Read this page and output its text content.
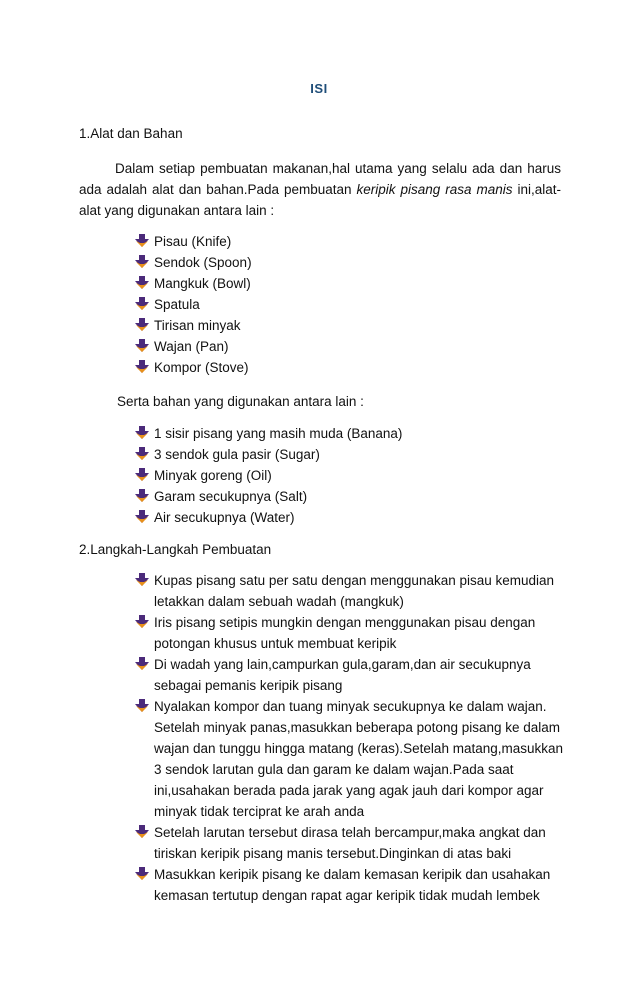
ISI
1.Alat dan Bahan
Dalam setiap pembuatan makanan,hal utama yang selalu ada dan harus ada adalah alat dan bahan.Pada pembuatan keripik pisang rasa manis ini,alat-alat yang digunakan antara lain :
Pisau (Knife)
Sendok (Spoon)
Mangkuk (Bowl)
Spatula
Tirisan minyak
Wajan (Pan)
Kompor (Stove)
Serta bahan yang digunakan antara lain :
1 sisir pisang yang masih muda (Banana)
3 sendok gula pasir (Sugar)
Minyak goreng (Oil)
Garam secukupnya (Salt)
Air secukupnya (Water)
2.Langkah-Langkah Pembuatan
Kupas pisang satu per satu dengan menggunakan pisau kemudian letakkan dalam sebuah wadah (mangkuk)
Iris pisang setipis mungkin dengan menggunakan pisau dengan potongan khusus untuk membuat keripik
Di wadah yang lain,campurkan gula,garam,dan air secukupnya sebagai pemanis keripik pisang
Nyalakan kompor dan tuang minyak secukupnya ke dalam wajan. Setelah minyak panas,masukkan beberapa potong pisang ke dalam wajan dan tunggu hingga matang (keras).Setelah matang,masukkan 3 sendok larutan gula dan garam ke dalam wajan.Pada saat ini,usahakan berada pada jarak yang agak jauh dari kompor agar minyak tidak terciprat ke arah anda
Setelah larutan tersebut dirasa telah bercampur,maka angkat dan tiriskan keripik pisang manis tersebut.Dinginkan di atas baki
Masukkan keripik pisang ke dalam kemasan keripik dan usahakan kemasan tertutup dengan rapat agar keripik tidak mudah lembek
